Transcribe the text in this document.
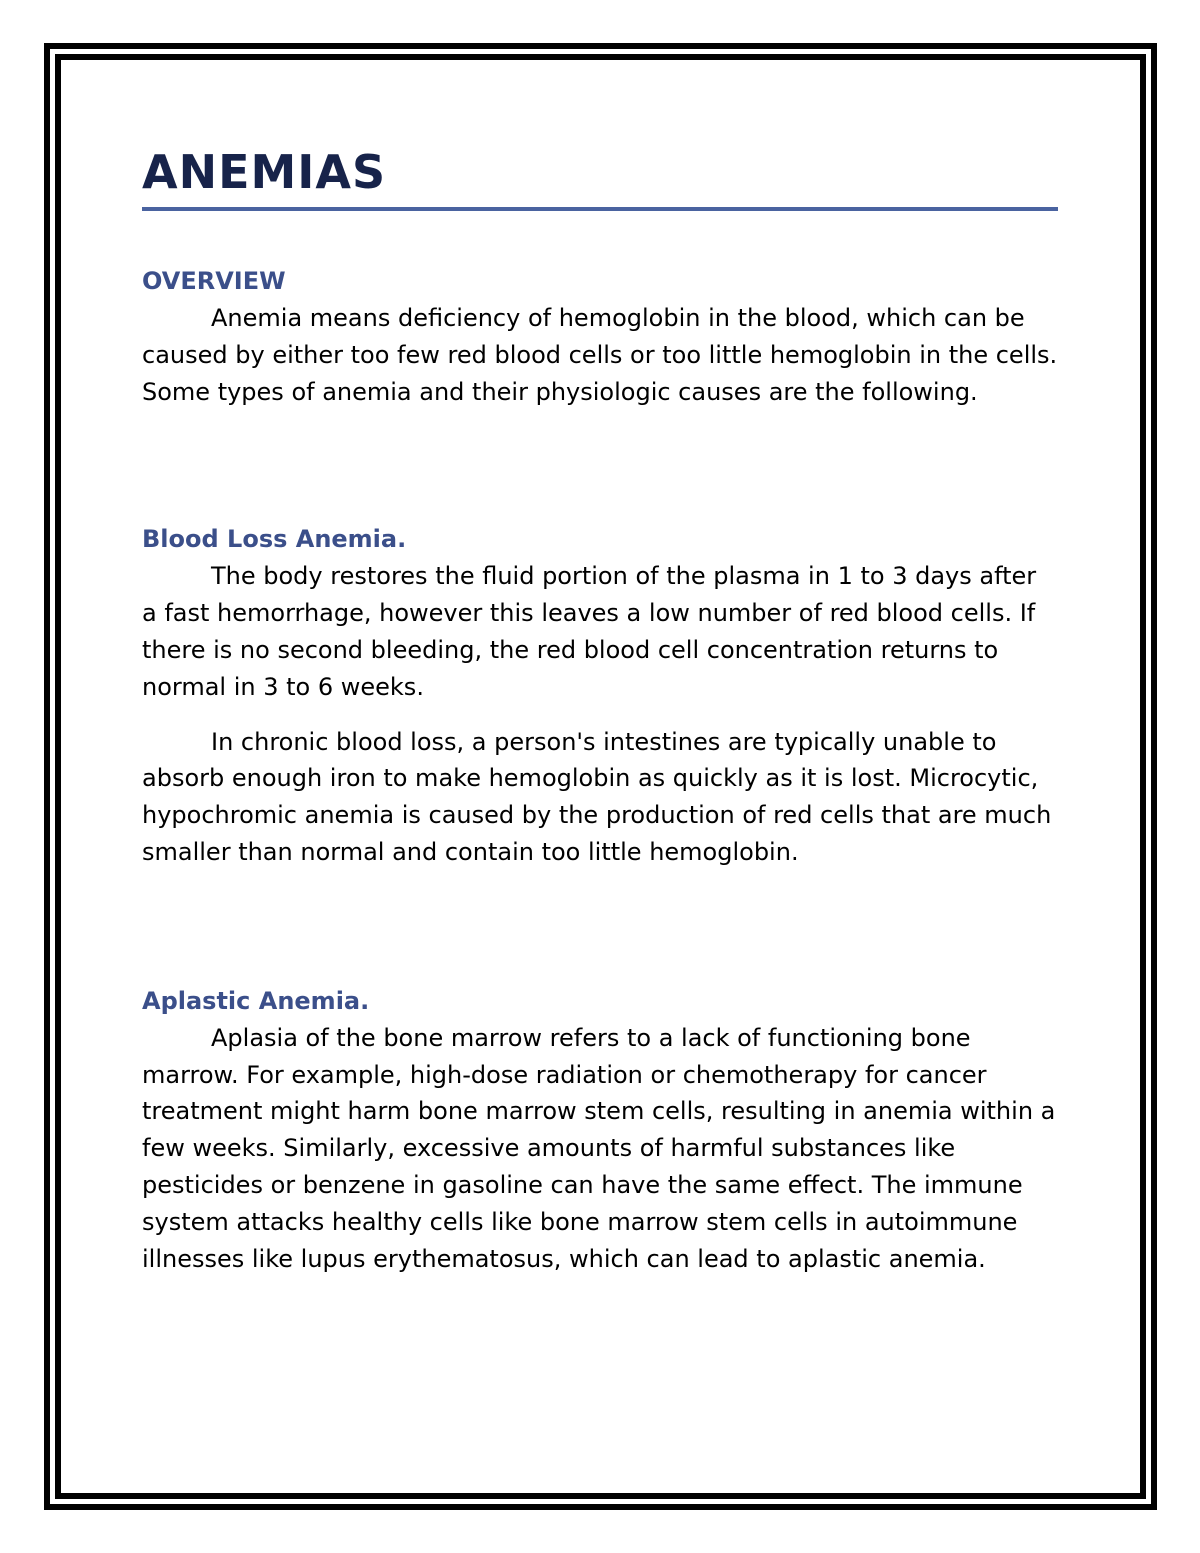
ANEMIAS
OVERVIEW

Anemia means deficiency of hemoglobin in the blood, which can be caused by either too few red blood cells or too little hemoglobin in the cells. Some types of anemia and their physiologic causes are the following.

Blood Loss Anemia.

The body restores the fluid portion of the plasma in 1 to 3 days after a fast hemorrhage, however this leaves a low number of red blood cells. If there is no second bleeding, the red blood cell concentration returns to normal in 3 to 6 weeks.

In chronic blood loss, a person's intestines are typically unable to absorb enough iron to make hemoglobin as quickly as it is lost. Microcytic, hypochromic anemia is caused by the production of red cells that are much smaller than normal and contain too little hemoglobin.

Aplastic Anemia.

Aplasia of the bone marrow refers to a lack of functioning bone marrow. For example, high-dose radiation or chemotherapy for cancer treatment might harm bone marrow stem cells, resulting in anemia within a few weeks. Similarly, excessive amounts of harmful substances like pesticides or benzene in gasoline can have the same effect. The immune system attacks healthy cells like bone marrow stem cells in autoimmune illnesses like lupus erythematosus, which can lead to aplastic anemia.
